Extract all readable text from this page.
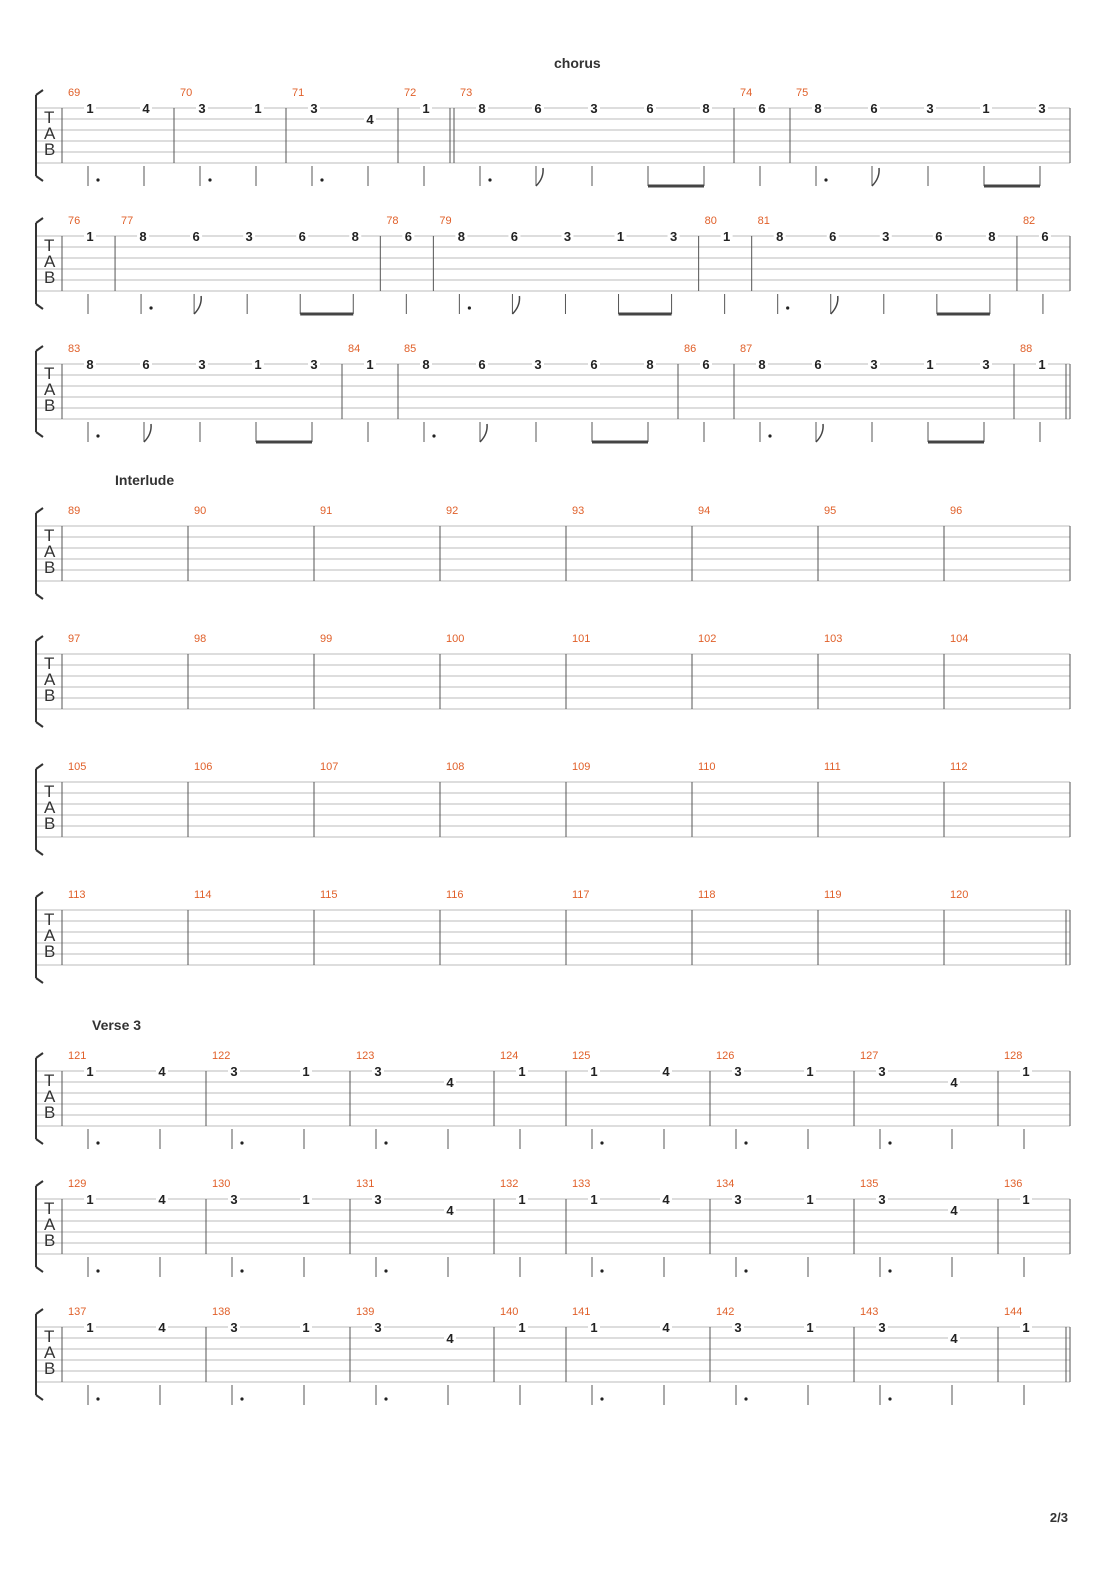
chorus
Interlude
Verse 3
T
A
B
69
1	4
70
3	1
71
3
4
72
1
73
8	6	3	6	8
74
6
75
8	6	3	1	3
T
A
B
76
1
77
8	6	3	6	8
78
6
79
8	6	3	1	3
80
1
81
8	6	3	6	8
82
6
T
A
B
83
8	6	3	1	3
84
1
85
8	6	3	6	8
86
6
87
8	6	3	1	3
88
1
T
A
B
89	90	91	92	93	94	95	96
T
A
B
97	98	99	100	101	102	103	104
T
A
B
105	106	107	108	109	110	111	112
T
A
B
113	114	115	116	117	118	119	120
T
A
B
121
1	4
122
3	1
123
3
4
124
1
125
1	4
126
3	1
127
3
4
128
1
T
A
B
129
1	4
130
3	1
131
3
4
132
1
133
1	4
134
3	1
135
3
4
136
1
T
A
B
137
1	4
138
3	1
139
3
4
140
1
141
1	4
142
3	1
143
3
4
144
1
2/3
